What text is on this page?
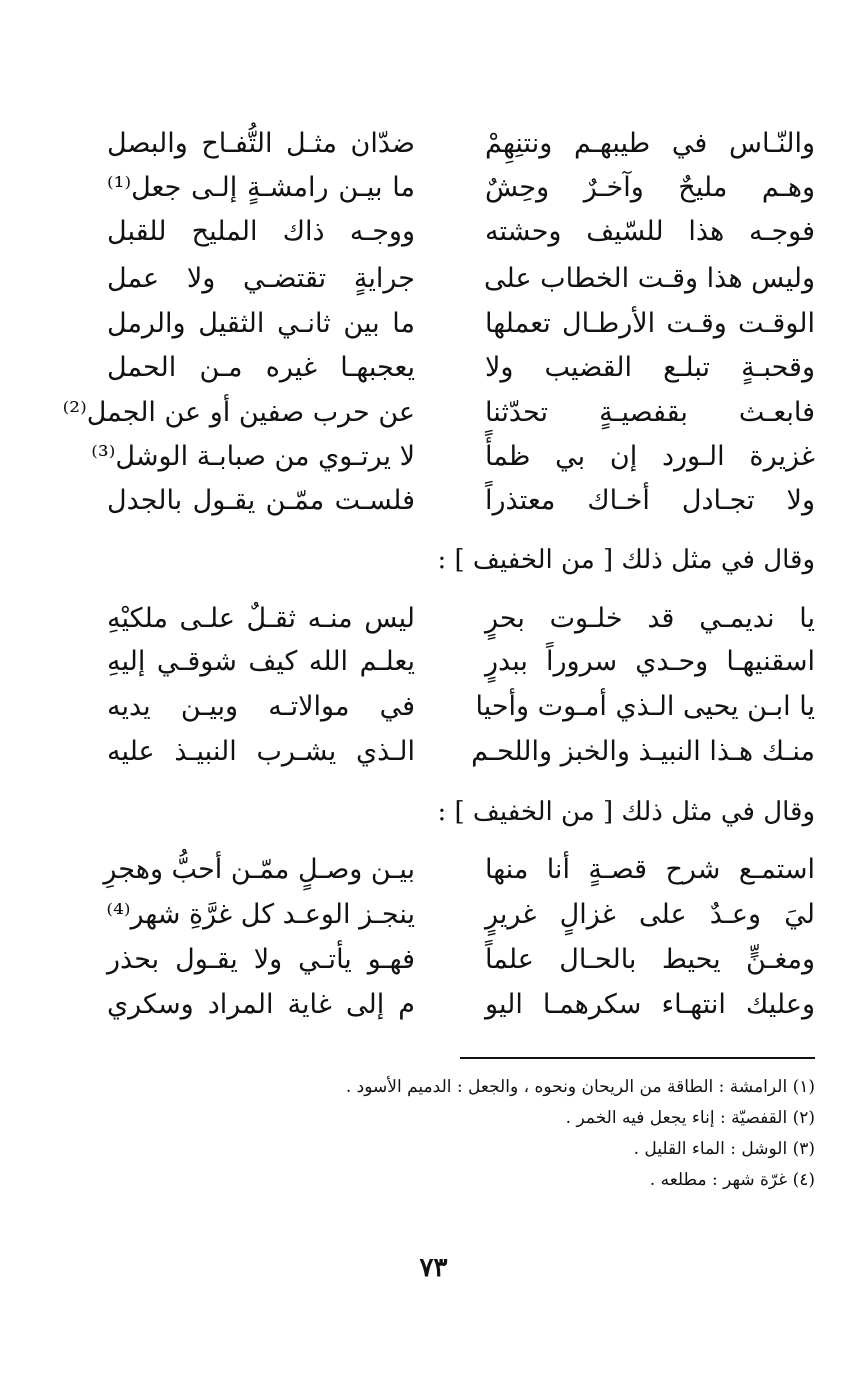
والنّـاس في طيبهـم ونتنِهِمْ
ضدّان مثـل التُّفـاح والبصل
وهـم مليحٌ وآخـرٌ وحِشٌ
ما بيـن رامشـةٍ إلـى جعل⁽¹⁾
فوجـه هذا للسّيف وحشته
ووجـه ذاك المليح للقبل
وليس هذا وقـت الخطاب على
جرايةٍ تقتضـي ولا عمل
الوقـت وقـت الأرطـال تعملها
ما بين ثانـي الثقيل والرمل
وقحبـةٍ تبلـع القضيب ولا
يعجبهـا غيره مـن الحمل
فابعـث بقفصيـةٍ تحدّثنا
عن حرب صفين أو عن الجمل⁽²⁾
غزيرة الـورد إن بي ظمأً
لا يرتـوي من صبابـة الوشل⁽³⁾
ولا تجـادل أخـاك معتذراً
فلسـت ممّـن يقـول بالجدل
وقال في مثل ذلك [ من الخفيف ] :
يا نديمـي قد خلـوت بحرٍ
ليس منـه ثقـلٌ علـى ملكيْهِ
اسقنيهـا وحـدي سروراً ببدرٍ
يعلـم الله كيف شوقـي إليهِ
يا ابـن يحيى الـذي أمـوت وأحيا
في موالاتـه وبيـن يديه
منـك هـذا النبيـذ والخبز واللحـم
الـذي يشـرب النبيـذ عليه
وقال في مثل ذلك [ من الخفيف ] :
استمـع شرح قصـةٍ أنا منها
بيـن وصـلٍ ممّـن أحبُّ وهجرِ
ليَ وعـدٌ على غزالٍ غريرٍ
ينجـز الوعـد كل غرَّةِ شهر⁽⁴⁾
ومغـنٍّ يحيط بالحـال علماً
فهـو يأتـي ولا يقـول بحذر
وعليك انتهـاء سكرهمـا اليو
م إلى غاية المراد وسكري
(١) الرامشة : الطاقة من الريحان ونحوه ، والجعل : الدميم الأسود .
(٢) القفصيّة : إناء يجعل فيه الخمر .
(٣) الوشل : الماء القليل .
(٤) غرّة شهر : مطلعه .
٧٣
